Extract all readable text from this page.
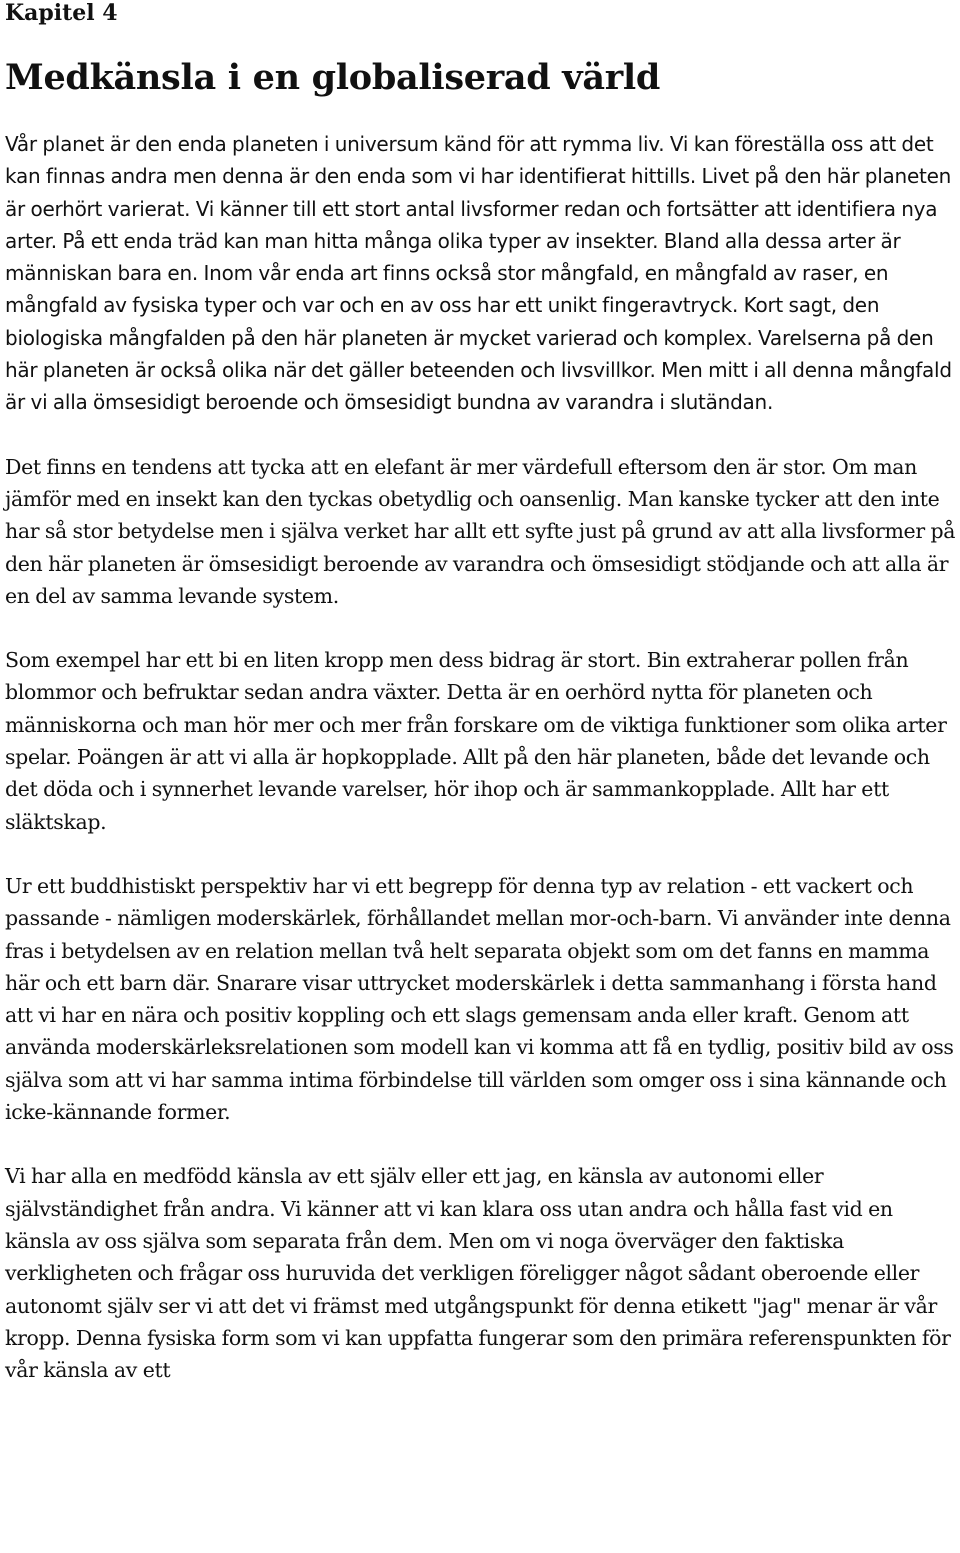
Kapitel 4
Medkänsla i en globaliserad värld

Vår planet är den enda planeten i universum känd för att rymma liv. Vi kan föreställa oss att det kan finnas andra men denna är den enda som vi har identifierat hittills. Livet på den här planeten är oerhört varierat. Vi känner till ett stort antal livsformer redan och fortsätter att identifiera nya arter. På ett enda träd kan man hitta många olika typer av insekter. Bland alla dessa arter är människan bara en. Inom vår enda art finns också stor mångfald, en mångfald av raser, en mångfald av fysiska typer och var och en av oss har ett unikt fingeravtryck. Kort sagt, den biologiska mångfalden på den här planeten är mycket varierad och komplex. Varelserna på den här planeten är också olika när det gäller beteenden och livsvillkor. Men mitt i all denna mångfald är vi alla ömsesidigt beroende och ömsesidigt bundna av varandra i slutändan.

Det finns en tendens att tycka att en elefant är mer värdefull eftersom den är stor. Om man jämför med en insekt kan den tyckas obetydlig och oansenlig. Man kanske tycker att den inte har så stor betydelse men i själva verket har allt ett syfte just på grund av att alla livsformer på den här planeten är ömsesidigt beroende av varandra och ömsesidigt stödjande och att alla är en del av samma levande system.

Som exempel har ett bi en liten kropp men dess bidrag är stort. Bin extraherar pollen från blommor och befruktar sedan andra växter. Detta är en oerhörd nytta för planeten och människorna och man hör mer och mer från forskare om de viktiga funktioner som olika arter spelar. Poängen är att vi alla är hopkopplade. Allt på den här planeten, både det levande och det döda och i synnerhet levande varelser, hör ihop och är sammankopplade. Allt har ett släktskap.

Ur ett buddhistiskt perspektiv har vi ett begrepp för denna typ av relation - ett vackert och passande - nämligen moderskärlek, förhållandet mellan mor-och-barn. Vi använder inte denna fras i betydelsen av en relation mellan två helt separata objekt som om det fanns en mamma här och ett barn där. Snarare visar uttrycket moderskärlek i detta sammanhang i första hand att vi har en nära och positiv koppling och ett slags gemensam anda eller kraft. Genom att använda moderskärleksrelationen som modell kan vi komma att få en tydlig, positiv bild av oss själva som att vi har samma intima förbindelse till världen som omger oss i sina kännande och icke-kännande former.

Vi har alla en medfödd känsla av ett själv eller ett jag, en känsla av autonomi eller självständighet från andra. Vi känner att vi kan klara oss utan andra och hålla fast vid en känsla av oss själva som separata från dem. Men om vi noga överväger den faktiska verkligheten och frågar oss huruvida det verkligen föreligger något sådant oberoende eller autonomt själv ser vi att det vi främst med utgångspunkt för denna etikett "jag" menar är vår kropp. Denna fysiska form som vi kan uppfatta fungerar som den primära referenspunkten för vår känsla av ett
